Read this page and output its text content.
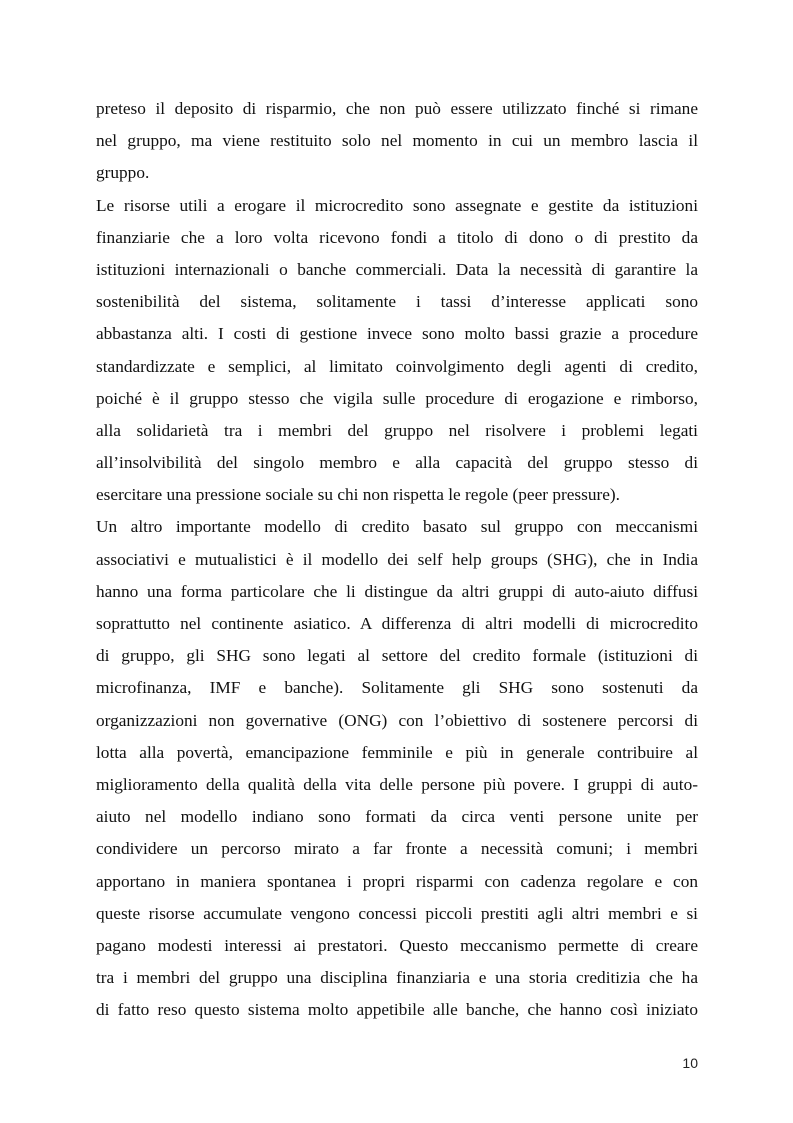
preteso il deposito di risparmio, che non può essere utilizzato finché si rimane
nel gruppo, ma viene restituito solo nel momento in cui un membro lascia il
gruppo.
Le risorse utili a erogare il microcredito sono assegnate e gestite da istituzioni
finanziarie che a loro volta ricevono fondi a titolo di dono o di prestito da
istituzioni internazionali o banche commerciali. Data la necessità di garantire la
sostenibilità del sistema, solitamente i tassi d’interesse applicati sono
abbastanza alti. I costi di gestione invece sono molto bassi grazie a procedure
standardizzate e semplici, al limitato coinvolgimento degli agenti di credito,
poiché è il gruppo stesso che vigila sulle procedure di erogazione e rimborso,
alla solidarietà tra i membri del gruppo nel risolvere i problemi legati
all’insolvibilità del singolo membro e alla capacità del gruppo stesso di
esercitare una pressione sociale su chi non rispetta le regole (peer pressure).
Un altro importante modello di credito basato sul gruppo con meccanismi
associativi e mutualistici è il modello dei self help groups (SHG), che in India
hanno una forma particolare che li distingue da altri gruppi di auto-aiuto diffusi
soprattutto nel continente asiatico. A differenza di altri modelli di microcredito
di gruppo, gli SHG sono legati al settore del credito formale (istituzioni di
microfinanza, IMF e banche). Solitamente gli SHG sono sostenuti da
organizzazioni non governative (ONG) con l’obiettivo di sostenere percorsi di
lotta alla povertà, emancipazione femminile e più in generale contribuire al
miglioramento della qualità della vita delle persone più povere. I gruppi di auto-
aiuto nel modello indiano sono formati da circa venti persone unite per
condividere un percorso mirato a far fronte a necessità comuni; i membri
apportano in maniera spontanea i propri risparmi con cadenza regolare e con
queste risorse accumulate vengono concessi piccoli prestiti agli altri membri e si
pagano modesti interessi ai prestatori. Questo meccanismo permette di creare
tra i membri del gruppo una disciplina finanziaria e una storia creditizia che ha
di fatto reso questo sistema molto appetibile alle banche, che hanno così iniziato
10
